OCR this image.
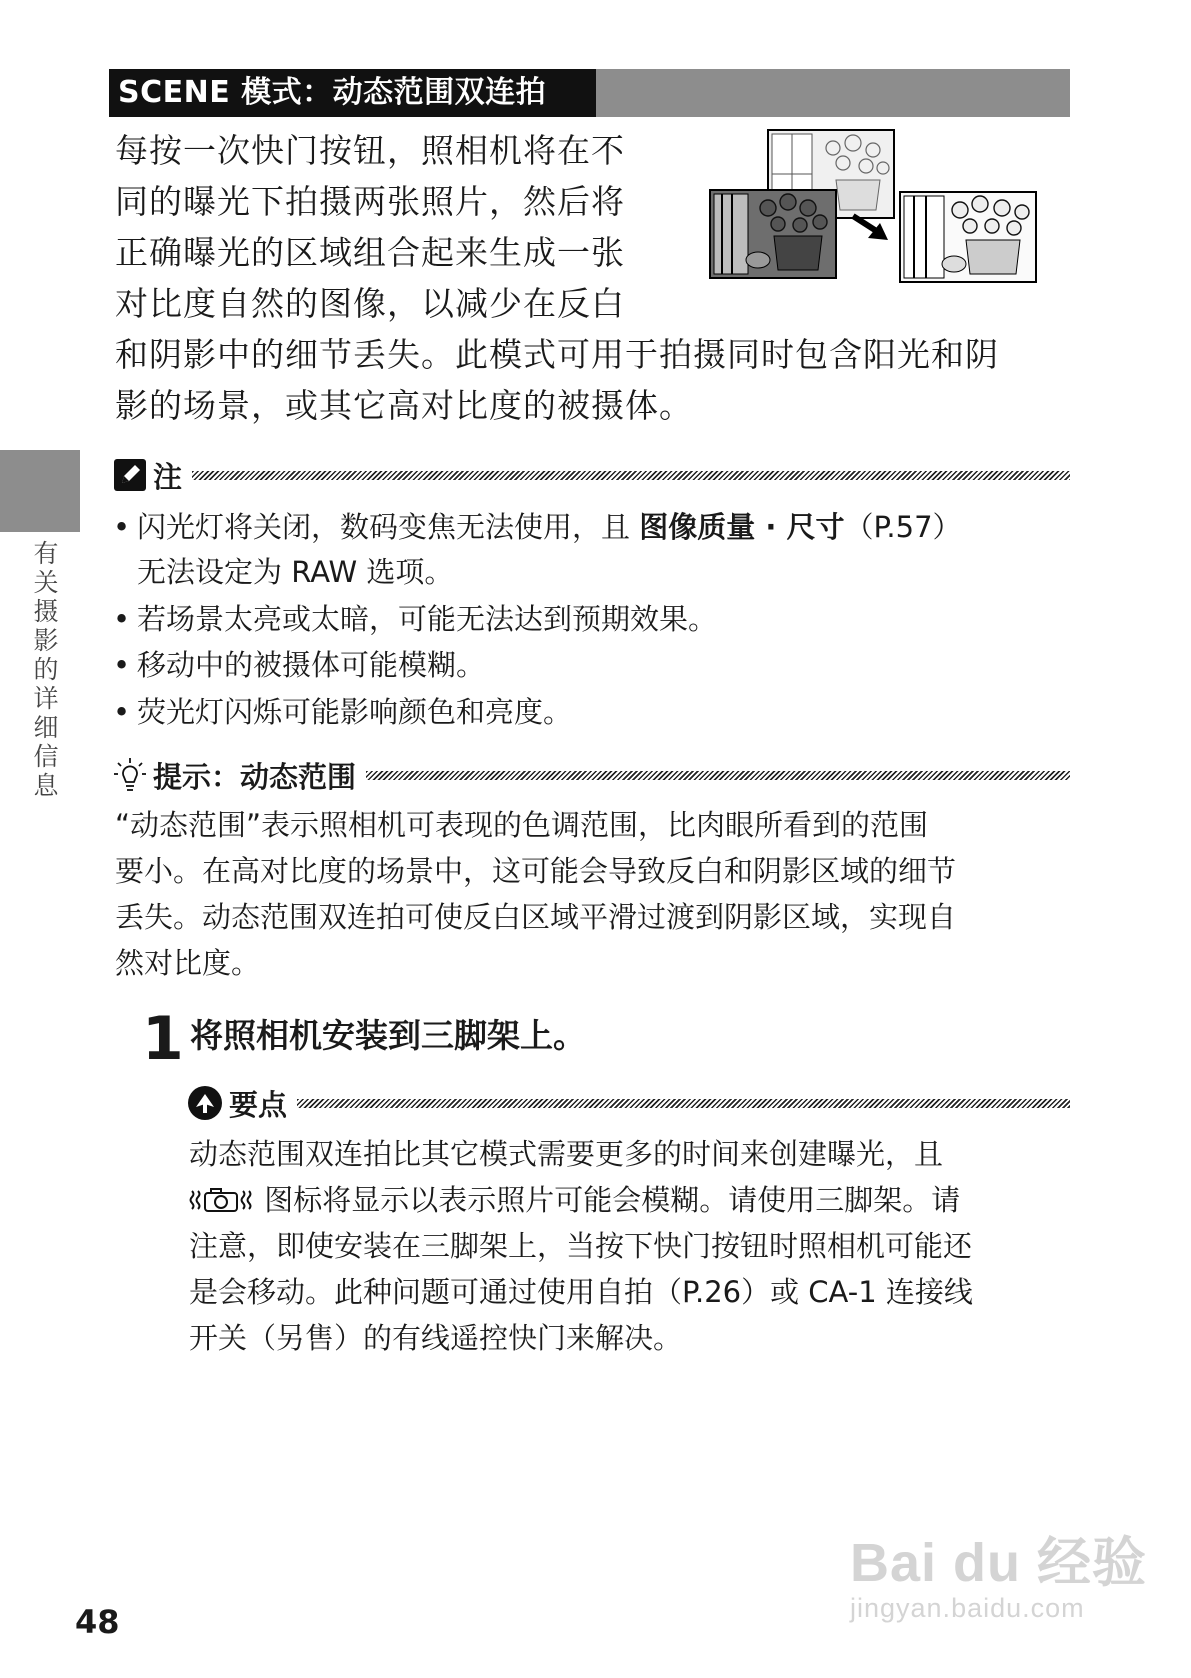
SCENE 模式：动态范围双连拍
每按一次快门按钮，照相机将在不
同的曝光下拍摄两张照片，然后将
正确曝光的区域组合起来生成一张
对比度自然的图像，以减少在反白
和阴影中的细节丢失。此模式可用于拍摄同时包含阳光和阴
影的场景，或其它高对比度的被摄体。
有关摄影的详细信息
注
• 闪光灯将关闭，数码变焦无法使用，且 图像质量 · 尺寸（P.57）
无法设定为 RAW 选项。
• 若场景太亮或太暗，可能无法达到预期效果。
• 移动中的被摄体可能模糊。
• 荧光灯闪烁可能影响颜色和亮度。
提示：动态范围
“动态范围”表示照相机可表现的色调范围，比肉眼所看到的范围
要小。在高对比度的场景中，这可能会导致反白和阴影区域的细节
丢失。动态范围双连拍可使反白区域平滑过渡到阴影区域，实现自
然对比度。
1 将照相机安装到三脚架上。
要点
动态范围双连拍比其它模式需要更多的时间来创建曝光，且
图标将显示以表示照片可能会模糊。请使用三脚架。请
注意，即使安装在三脚架上，当按下快门按钮时照相机可能还
是会移动。此种问题可通过使用自拍（P.26）或 CA-1 连接线
开关（另售）的有线遥控快门来解决。
48
Bai du 经验
jingyan.baidu.com
